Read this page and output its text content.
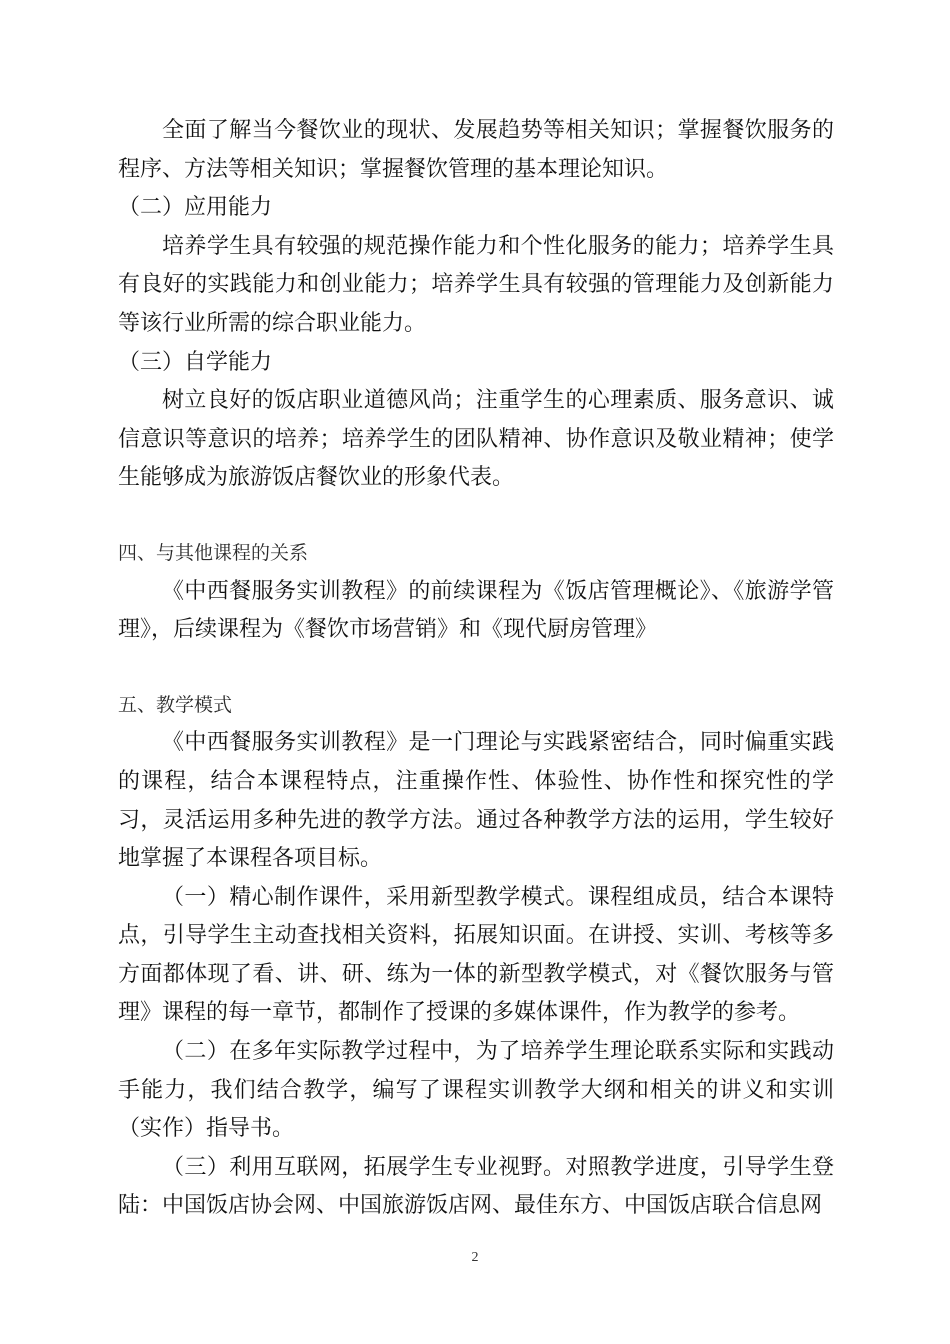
全面了解当今餐饮业的现状、发展趋势等相关知识；掌握餐饮服务的程序、方法等相关知识；掌握餐饮管理的基本理论知识。

（二）应用能力

培养学生具有较强的规范操作能力和个性化服务的能力；培养学生具有良好的实践能力和创业能力；培养学生具有较强的管理能力及创新能力等该行业所需的综合职业能力。

（三）自学能力

树立良好的饭店职业道德风尚；注重学生的心理素质、服务意识、诚信意识等意识的培养；培养学生的团队精神、协作意识及敬业精神；使学生能够成为旅游饭店餐饮业的形象代表。

四、与其他课程的关系

《中西餐服务实训教程》的前续课程为《饭店管理概论》、《旅游学管理》，后续课程为《餐饮市场营销》和《现代厨房管理》

五、教学模式

《中西餐服务实训教程》是一门理论与实践紧密结合，同时偏重实践的课程，结合本课程特点，注重操作性、体验性、协作性和探究性的学习，灵活运用多种先进的教学方法。通过各种教学方法的运用，学生较好地掌握了本课程各项目标。

（一）精心制作课件，采用新型教学模式。课程组成员，结合本课特点，引导学生主动查找相关资料，拓展知识面。在讲授、实训、考核等多方面都体现了看、讲、研、练为一体的新型教学模式，对《餐饮服务与管理》课程的每一章节，都制作了授课的多媒体课件，作为教学的参考。

（二）在多年实际教学过程中，为了培养学生理论联系实际和实践动手能力，我们结合教学，编写了课程实训教学大纲和相关的讲义和实训（实作）指导书。

（三）利用互联网，拓展学生专业视野。对照教学进度，引导学生登陆：中国饭店协会网、中国旅游饭店网、最佳东方、中国饭店联合信息网

2
